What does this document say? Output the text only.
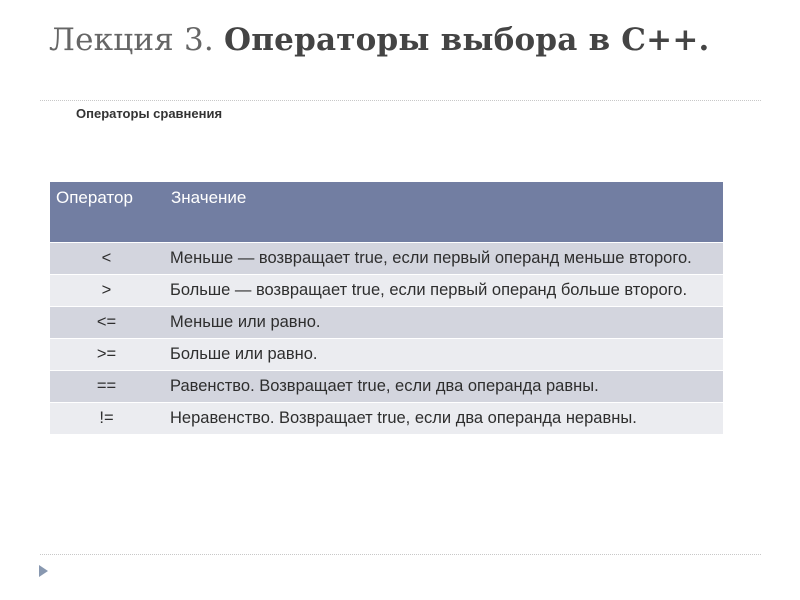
Лекция 3. Операторы выбора в С++.
Операторы сравнения
Оператор	Значение
<	Меньше — возвращает true, если первый операнд меньше второго.
>	Больше — возвращает true, если первый операнд больше второго.
<=	Меньше или равно.
>=	Больше или равно.
==	Равенство. Возвращает true, если два операнда равны.
!=	Неравенство. Возвращает true, если два операнда неравны.
